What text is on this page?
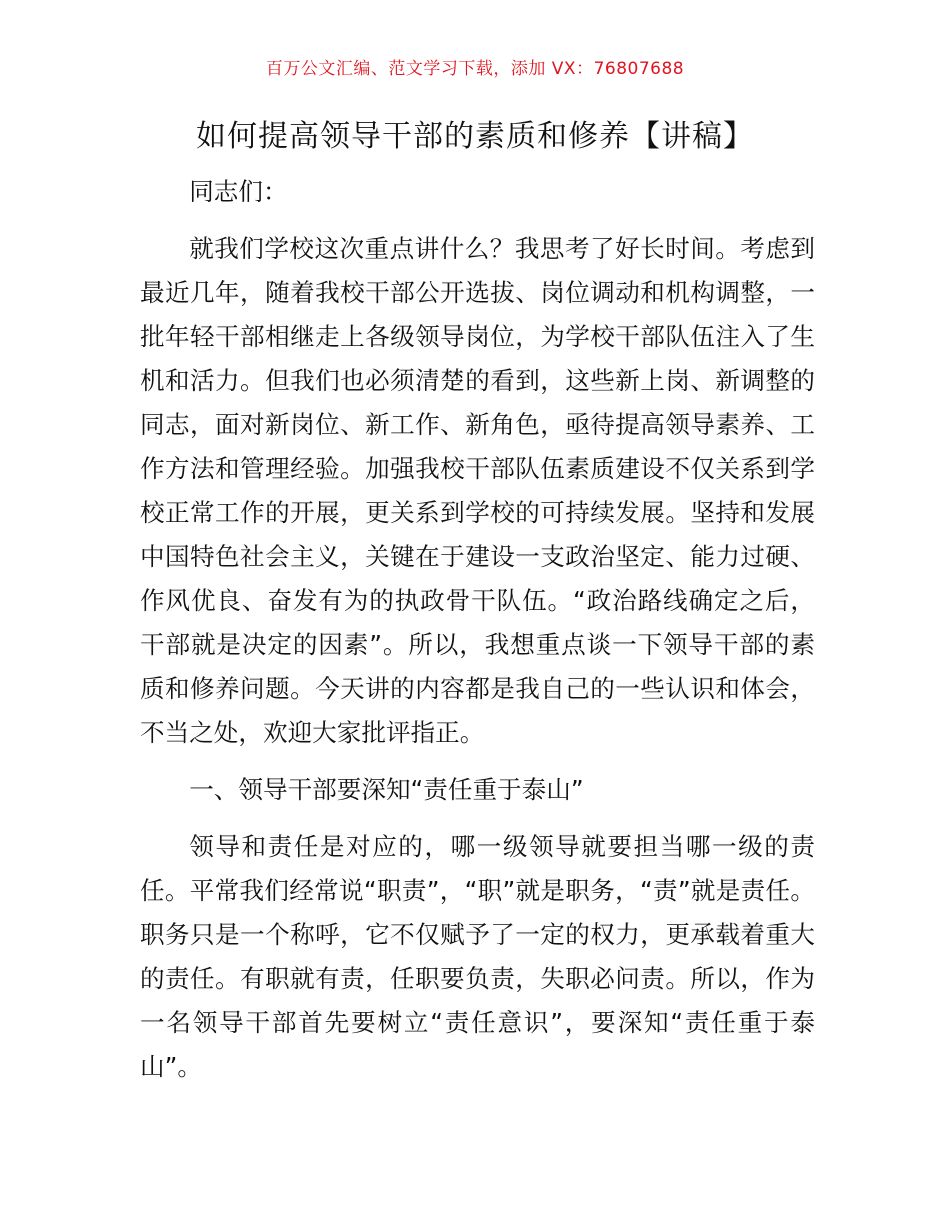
百万公文汇编、范文学习下载，添加 VX：76807688
如何提高领导干部的素质和修养【讲稿】

同志们：

就我们学校这次重点讲什么？我思考了好长时间。考虑到最近几年，随着我校干部公开选拔、岗位调动和机构调整，一批年轻干部相继走上各级领导岗位，为学校干部队伍注入了生机和活力。但我们也必须清楚的看到，这些新上岗、新调整的同志，面对新岗位、新工作、新角色，亟待提高领导素养、工作方法和管理经验。加强我校干部队伍素质建设不仅关系到学校正常工作的开展，更关系到学校的可持续发展。坚持和发展中国特色社会主义，关键在于建设一支政治坚定、能力过硬、作风优良、奋发有为的执政骨干队伍。“政治路线确定之后，干部就是决定的因素”。所以，我想重点谈一下领导干部的素质和修养问题。今天讲的内容都是我自己的一些认识和体会，不当之处，欢迎大家批评指正。

一、领导干部要深知“责任重于泰山”

领导和责任是对应的，哪一级领导就要担当哪一级的责任。平常我们经常说“职责”，“职”就是职务，“责”就是责任。职务只是一个称呼，它不仅赋予了一定的权力，更承载着重大的责任。有职就有责，任职要负责，失职必问责。所以，作为一名领导干部首先要树立“责任意识”，要深知“责任重于泰山”。
